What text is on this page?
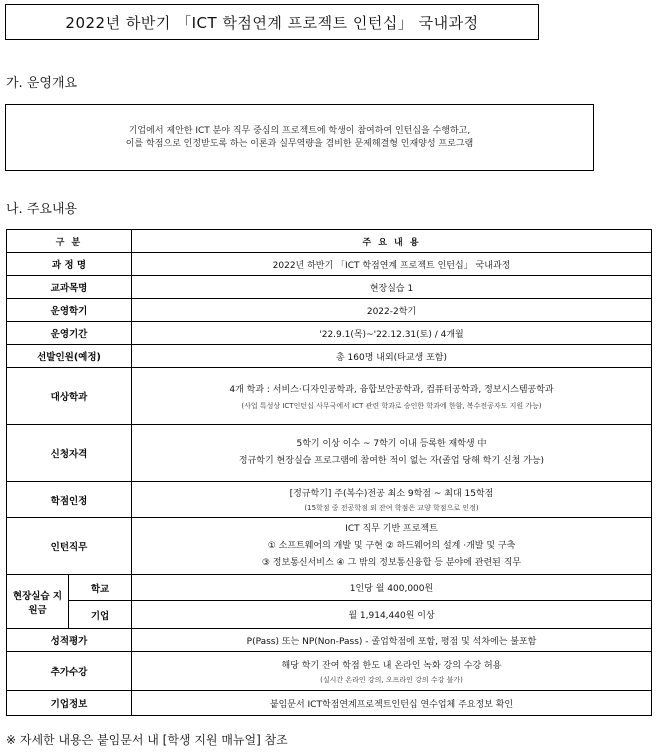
2022년 하반기 「ICT 학점연계 프로젝트 인턴십」 국내과정
가. 운영개요
기업에서 제안한 ICT 분야 직무 중심의 프로젝트에 학생이 참여하여 인턴십을 수행하고,
이를 학점으로 인정받도록 하는 이론과 실무역량을 겸비한 문제해결형 인재양성 프로그램
나. 주요내용
구 분		주 요 내 용
과 정 명		2022년 하반기 「ICT 학점연계 프로젝트 인턴십」 국내과정
교과목명		현장실습 1
운영학기		2022-2학기
운영기간		'22.9.1(목)~'22.12.31(토) / 4개월
선발인원(예정)		총 160명 내외(타교생 포함)
대상학과		4개 학과 : 서비스·디자인공학과, 융합보안공학과, 컴퓨터공학과, 정보시스템공학과
(사업 특성상 ICT인턴십 사무국에서 ICT 관련 학과로 승인한 학과에 한함, 복수전공자도 지원 가능)

신청자격		5학기 이상 이수 ~ 7학기 이내 등록한 재학생 中
정규학기 현장실습 프로그램에 참여한 적이 없는 자(졸업 당해 학기 신청 가능)

학점인정		[정규학기] 주(복수)전공 최소 9학점 ~ 최대 15학점
(15학점 중 전공학점 외 잔여 학점은 교양 학점으로 인정)

인턴직무		ICT 직무 기반 프로젝트
① 소프트웨어의 개발 및 구현 ② 하드웨어의 설계 ·개발 및 구축
③ 정보통신서비스 ④ 그 밖의 정보통신융합 등 분야에 관련된 직무

현장실습 지원금	학교	1인당 월 400,000원
	기업	월 1,914,440원 이상
성적평가		P(Pass) 또는 NP(Non-Pass) - 졸업학점에 포함, 평점 및 석차에는 불포함
추가수강		해당 학기 잔여 학점 한도 내 온라인 녹화 강의 수강 허용
(실시간 온라인 강의, 오프라인 강의 수강 불가)

기업정보		붙임문서 ICT학점연계프로젝트인턴십 연수업체 주요정보 확인
※ 자세한 내용은 붙임문서 내 [학생 지원 매뉴얼] 참조
